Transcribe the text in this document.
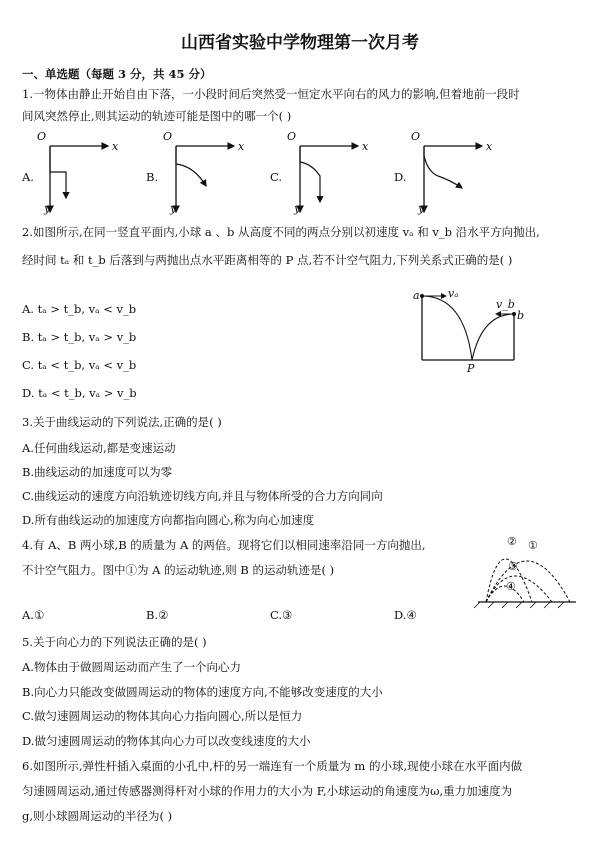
山西省实验中学物理第一次月考
一、单选题（每题 3 分，共 45 分）
1.一物体由静止开始自由下落，一小段时间后突然受一恒定水平向右的风力的影响,但着地前一段时
间风突然停止,则其运动的轨迹可能是图中的哪一个( )
A.	B.	C.	D.
O
x
y
O
x
y
O
x
y
O
x
y
2.如图所示,在同一竖直平面内,小球 a 、b 从高度不同的两点分别以初速度 vₐ 和 v_b 沿水平方向抛出,
经时间 tₐ 和 t_b 后落到与两抛出点水平距离相等的 P 点,若不计空气阻力,下列关系式正确的是( )
A. tₐ > t_b, vₐ < v_b
B. tₐ > t_b, vₐ > v_b
C. tₐ < t_b, vₐ < v_b
D. tₐ < t_b, vₐ > v_b
a	vₐ
v_b
b
P
3.关于曲线运动的下列说法,正确的是( )
A.任何曲线运动,都是变速运动
B.曲线运动的加速度可以为零
C.曲线运动的速度方向沿轨迹切线方向,并且与物体所受的合力方向同向
D.所有曲线运动的加速度方向都指向圆心,称为向心加速度
4.有 A、B 两小球,B 的质量为 A 的两倍。现将它们以相同速率沿同一方向抛出,
不计空气阻力。图中①为 A 的运动轨迹,则 B 的运动轨迹是( )
A.①	B.②	C.③	D.④
①
②
③
④
5.关于向心力的下列说法正确的是( )
A.物体由于做圆周运动而产生了一个向心力
B.向心力只能改变做圆周运动的物体的速度方向,不能够改变速度的大小
C.做匀速圆周运动的物体其向心力指向圆心,所以是恒力
D.做匀速圆周运动的物体其向心力可以改变线速度的大小
6.如图所示,弹性杆插入桌面的小孔中,杆的另一端连有一个质量为 m 的小球,现使小球在水平面内做
匀速圆周运动,通过传感器测得杆对小球的作用力的大小为 F,小球运动的角速度为ω,重力加速度为
g,则小球圆周运动的半径为( )
